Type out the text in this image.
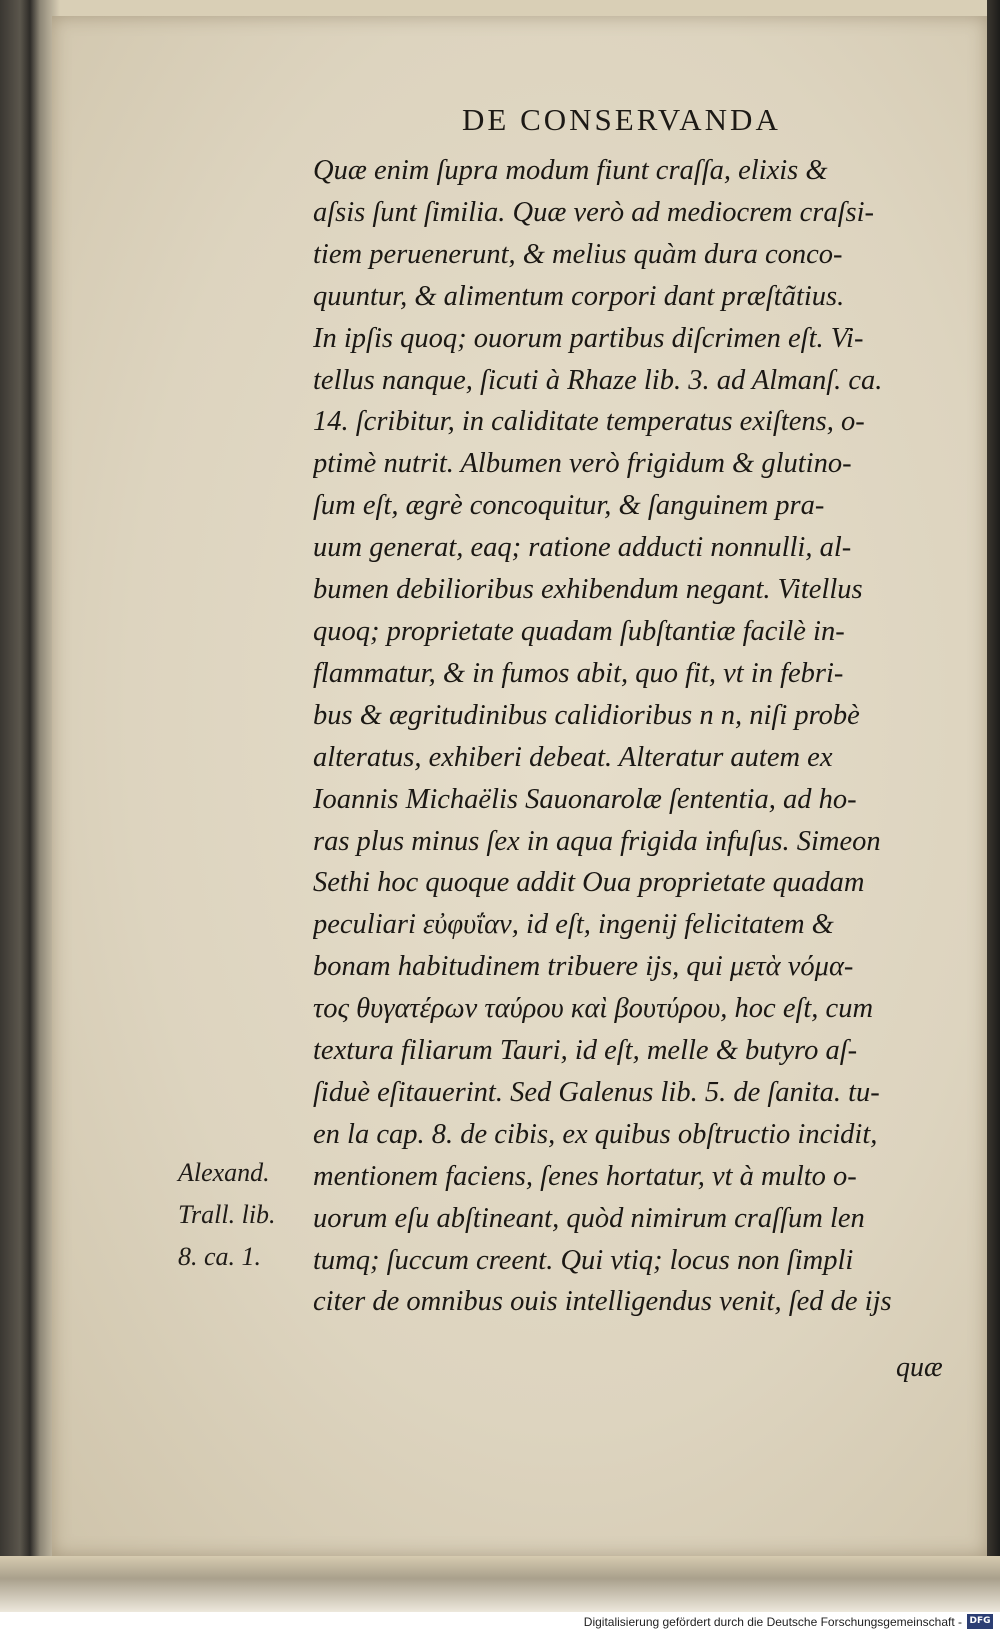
DE CONSERVANDA
Quæ enim ſupra modum fiunt craſſa, elixis &
aſsis ſunt ſimilia. Quæ verò ad mediocrem craſsi-
tiem peruenerunt, & melius quàm dura conco-
quuntur, & alimentum corpori dant præſtãtius.
In ipſis quoq; ouorum partibus diſcrimen eſt. Vi-
tellus nanque, ſicuti à Rhaze lib. 3. ad Almanſ. ca.
14. ſcribitur, in caliditate temperatus exiſtens, o-
ptimè nutrit. Albumen verò frigidum & glutino-
ſum eſt, ægrè concoquitur, & ſanguinem pra-
uum generat, eaq; ratione adducti nonnulli, al-
bumen debilioribus exhibendum negant. Vitellus
quoq; proprietate quadam ſubſtantiæ facilè in-
flammatur, & in fumos abit, quo fit, vt in febri-
bus & ægritudinibus calidioribus n n, niſi probè
alteratus, exhiberi debeat. Alteratur autem ex
Ioannis Michaëlis Sauonarolæ ſententia, ad ho-
ras plus minus ſex in aqua frigida infuſus. Simeon
Sethi hoc quoque addit Oua proprietate quadam
peculiari εὐφυΐαν, id eſt, ingenij felicitatem &
bonam habitudinem tribuere ijs, qui μετὰ νόμα-
τος θυγατέρων ταύρου καὶ βουτύρου, hoc eſt, cum
textura filiarum Tauri, id eſt, melle & butyro aſ-
ſiduè eſitauerint. Sed Galenus lib. 5. de ſanita. tu-
en la cap. 8. de cibis, ex quibus obſtructio incidit,
mentionem faciens, ſenes hortatur, vt à multo o-
uorum eſu abſtineant, quòd nimirum craſſum len
tumq; ſuccum creent. Qui vtiq; locus non ſimpli
citer de omnibus ouis intelligendus venit, ſed de ijs
quæ
Alexand.
Trall. lib.
8. ca. 1.
Digitalisierung gefördert durch die Deutsche Forschungsgemeinschaft - DFG
